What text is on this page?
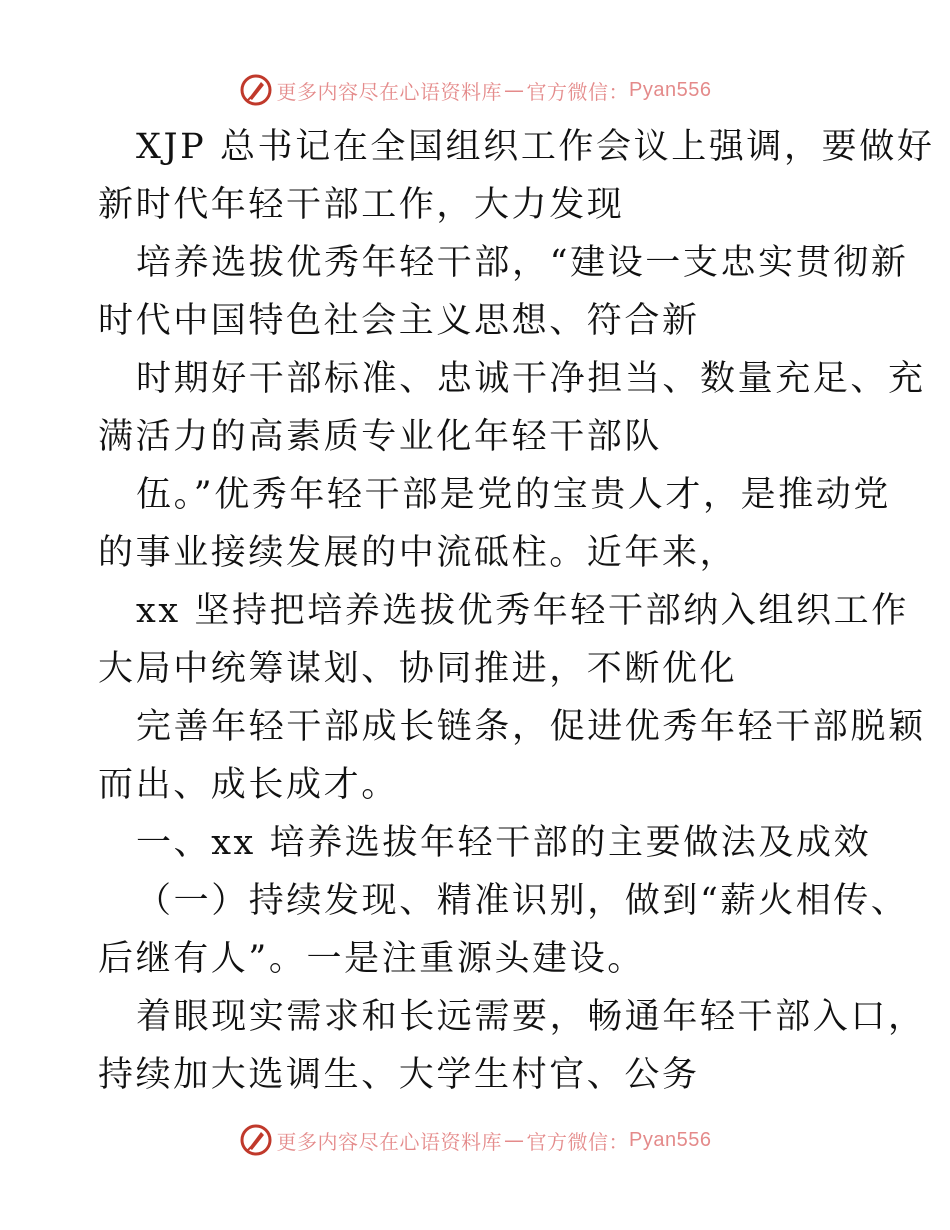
更多内容尽在心语资料库 — 官方微信： Pyan556
XJP 总书记在全国组织工作会议上强调，要做好
新时代年轻干部工作，大力发现
培养选拔优秀年轻干部，“建设一支忠实贯彻新
时代中国特色社会主义思想、符合新
时期好干部标准、忠诚干净担当、数量充足、充
满活力的高素质专业化年轻干部队
伍。”优秀年轻干部是党的宝贵人才，是推动党
的事业接续发展的中流砥柱。近年来，
xx 坚持把培养选拔优秀年轻干部纳入组织工作
大局中统筹谋划、协同推进，不断优化
完善年轻干部成长链条，促进优秀年轻干部脱颖
而出、成长成才。
一、xx 培养选拔年轻干部的主要做法及成效
（一）持续发现、精准识别，做到“薪火相传、
后继有人”。一是注重源头建设。
着眼现实需求和长远需要，畅通年轻干部入口，
持续加大选调生、大学生村官、公务
更多内容尽在心语资料库 — 官方微信： Pyan556
